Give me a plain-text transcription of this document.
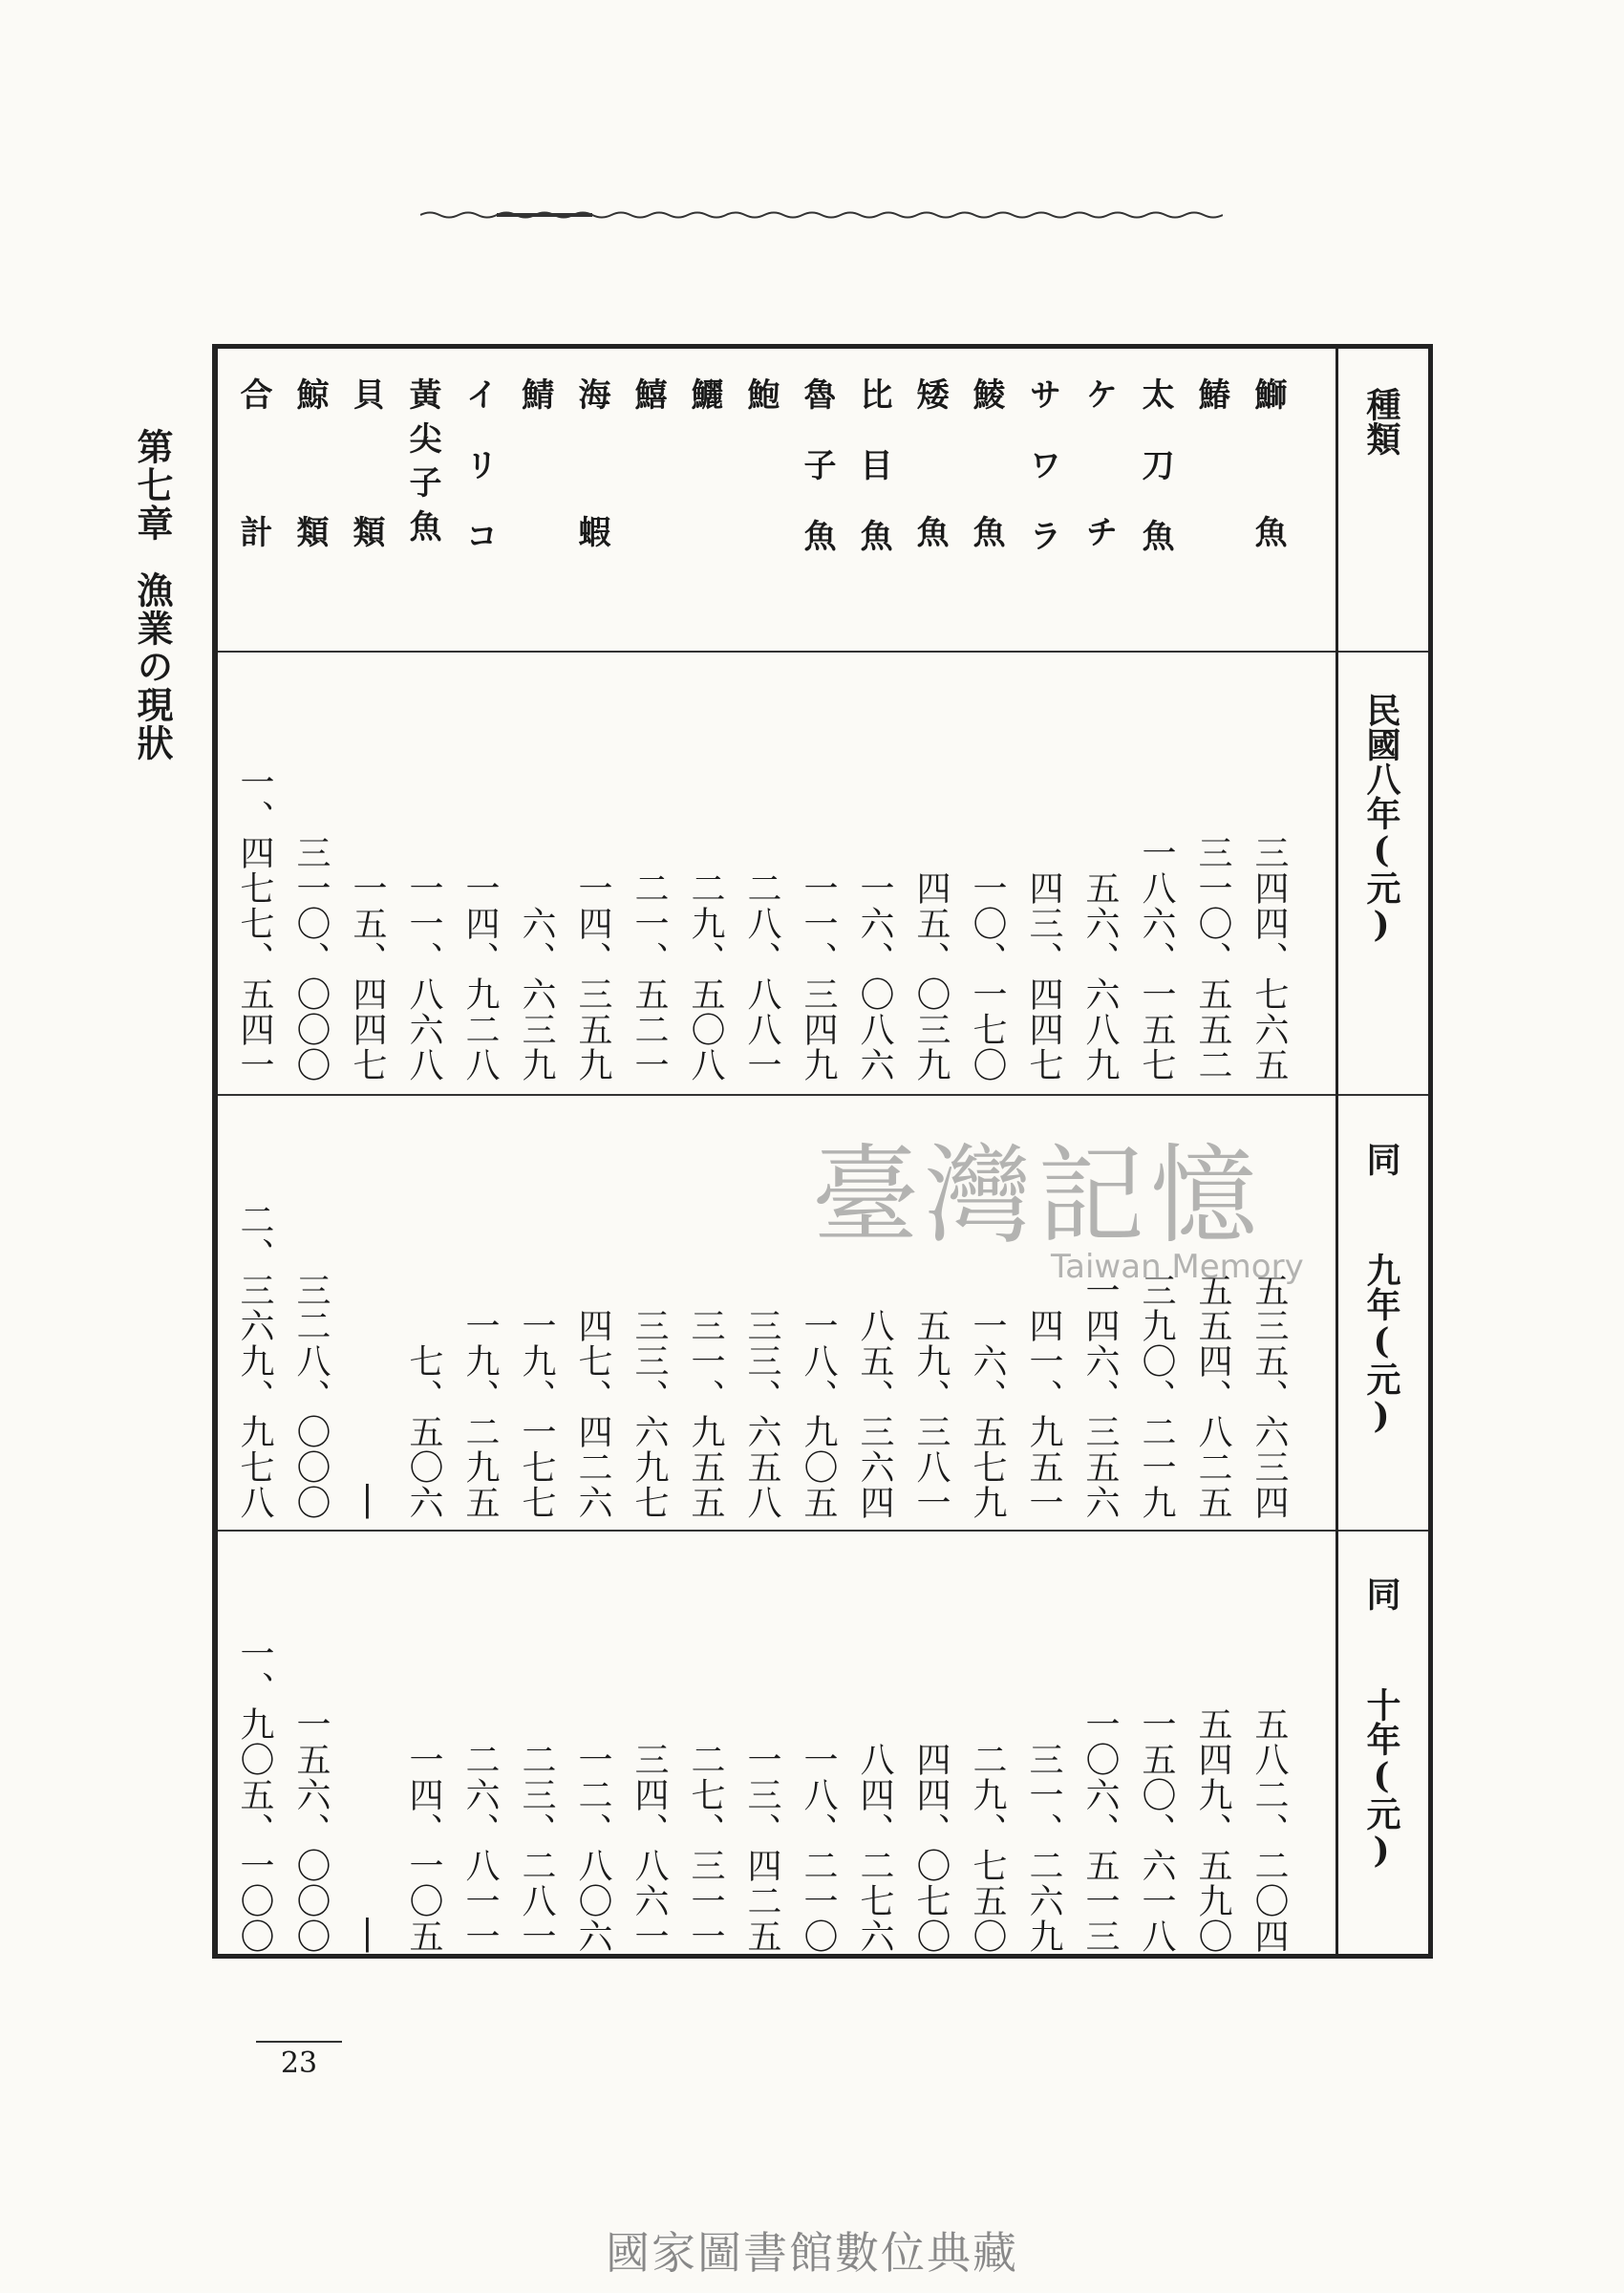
第七章漁業の現狀
種類
民國八年(元)
同九年(元)
同十年(元)
鰤魚
三四四、七六五
五三五、六三四
五八二、二〇四
鰆
三一〇、五五二
五五四、八二五
五四九、五九〇
太刀魚
一八六、一五七
三九〇、二一九
一五〇、六一八
ケチ
五六、六八九
一四六、三五六
一〇六、五一三
サワラ
四三、四四七
四一、九五一
三一、二六九
鯪魚
一〇、一七〇
一六、五七九
二九、七五〇
矮魚
四五、〇三九
五九、三八一
四四、〇七〇
比目魚
一六、〇八六
八五、三六四
八四、二七六
魯子魚
一一、三四九
一八、九〇五
一八、二一〇
鮑
二八、八八一
三三、六五八
一三、四二五
鱺
二九、五〇八
三一、九五五
二七、三一一
鱚
二一、五二一
三三、六九七
三四、八六一
海蝦
一四、三五九
四七、四二六
一二、八〇六
鯖
六、六三九
一九、一七七
二三、二八一
イリコ
一四、九二八
一九、二九五
二六、八一一
黃尖子魚
一一、八六八
七、五〇六
一四、一〇五
貝類
一五、四四七
|
|
鯨類
三一〇、〇〇〇
三二八、〇〇〇
一五六、〇〇〇
合計
一、四七七、五四一
二、三六九、九七八
一、九〇五、一〇〇
臺灣記憶
Taiwan Memory
23
國家圖書館數位典藏
